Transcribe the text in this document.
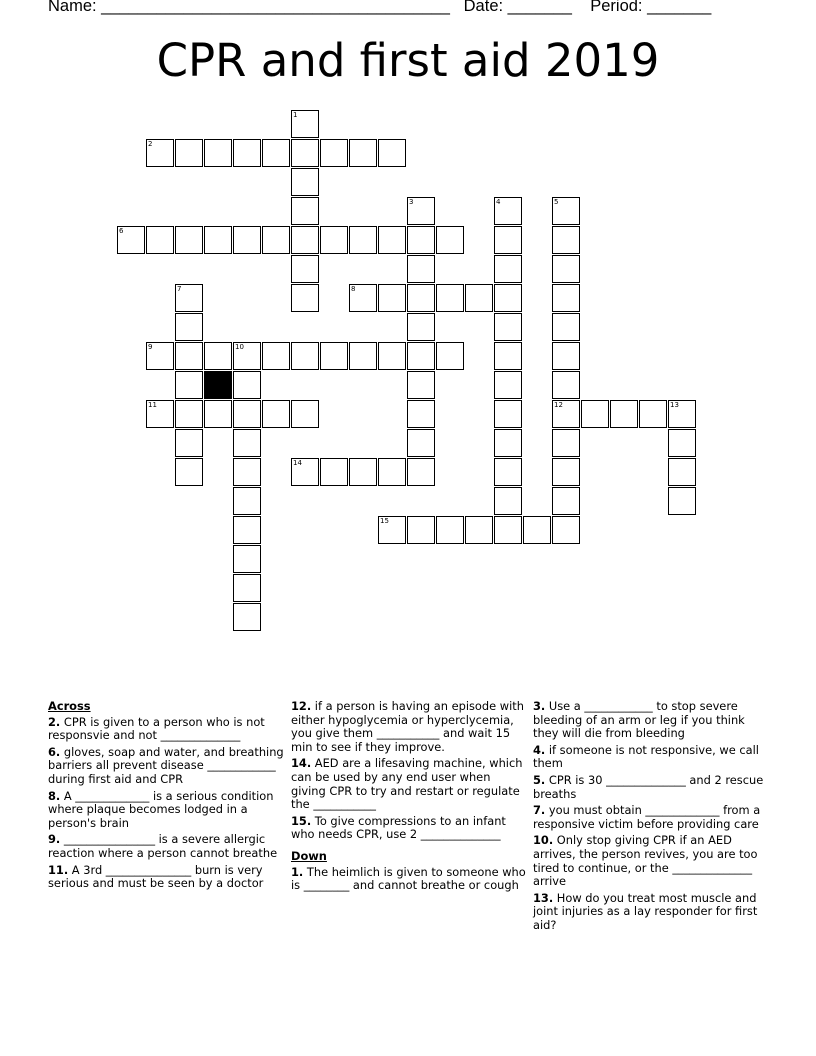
Name: ______________________________________   Date: _______    Period: _______
CPR and first aid 2019
1
2
3	4	5
12
6
7	8
9	10
11	13
14
15
Across
2. CPR is given to a person who is not responsvie and not ______________
6. gloves, soap and water, and breathing barriers all prevent disease ____________ during first aid and CPR
8. A _____________ is a serious condition where plaque becomes lodged in a person's brain
9. ________________ is a severe allergic reaction where a person cannot breathe
11. A 3rd _______________ burn is very serious and must be seen by a doctor
12. if a person is having an episode with either hypoglycemia or hyperclycemia, you give them ___________ and wait 15 min to see if they improve.
14. AED are a lifesaving machine, which can be used by any end user when giving CPR to try and restart or regulate the ___________
15. To give compressions to an infant who needs CPR, use 2 ______________
Down
1. The heimlich is given to someone who is ________ and cannot breathe or cough
3. Use a ____________ to stop severe bleeding of an arm or leg if you think they will die from bleeding
4. if someone is not responsive, we call them
5. CPR is 30 ______________ and 2 rescue breaths
7. you must obtain _____________ from a responsive victim before providing care
10. Only stop giving CPR if an AED arrives, the person revives, you are too tired to continue, or the ______________ arrive
13. How do you treat most muscle and joint injuries as a lay responder for first aid?
